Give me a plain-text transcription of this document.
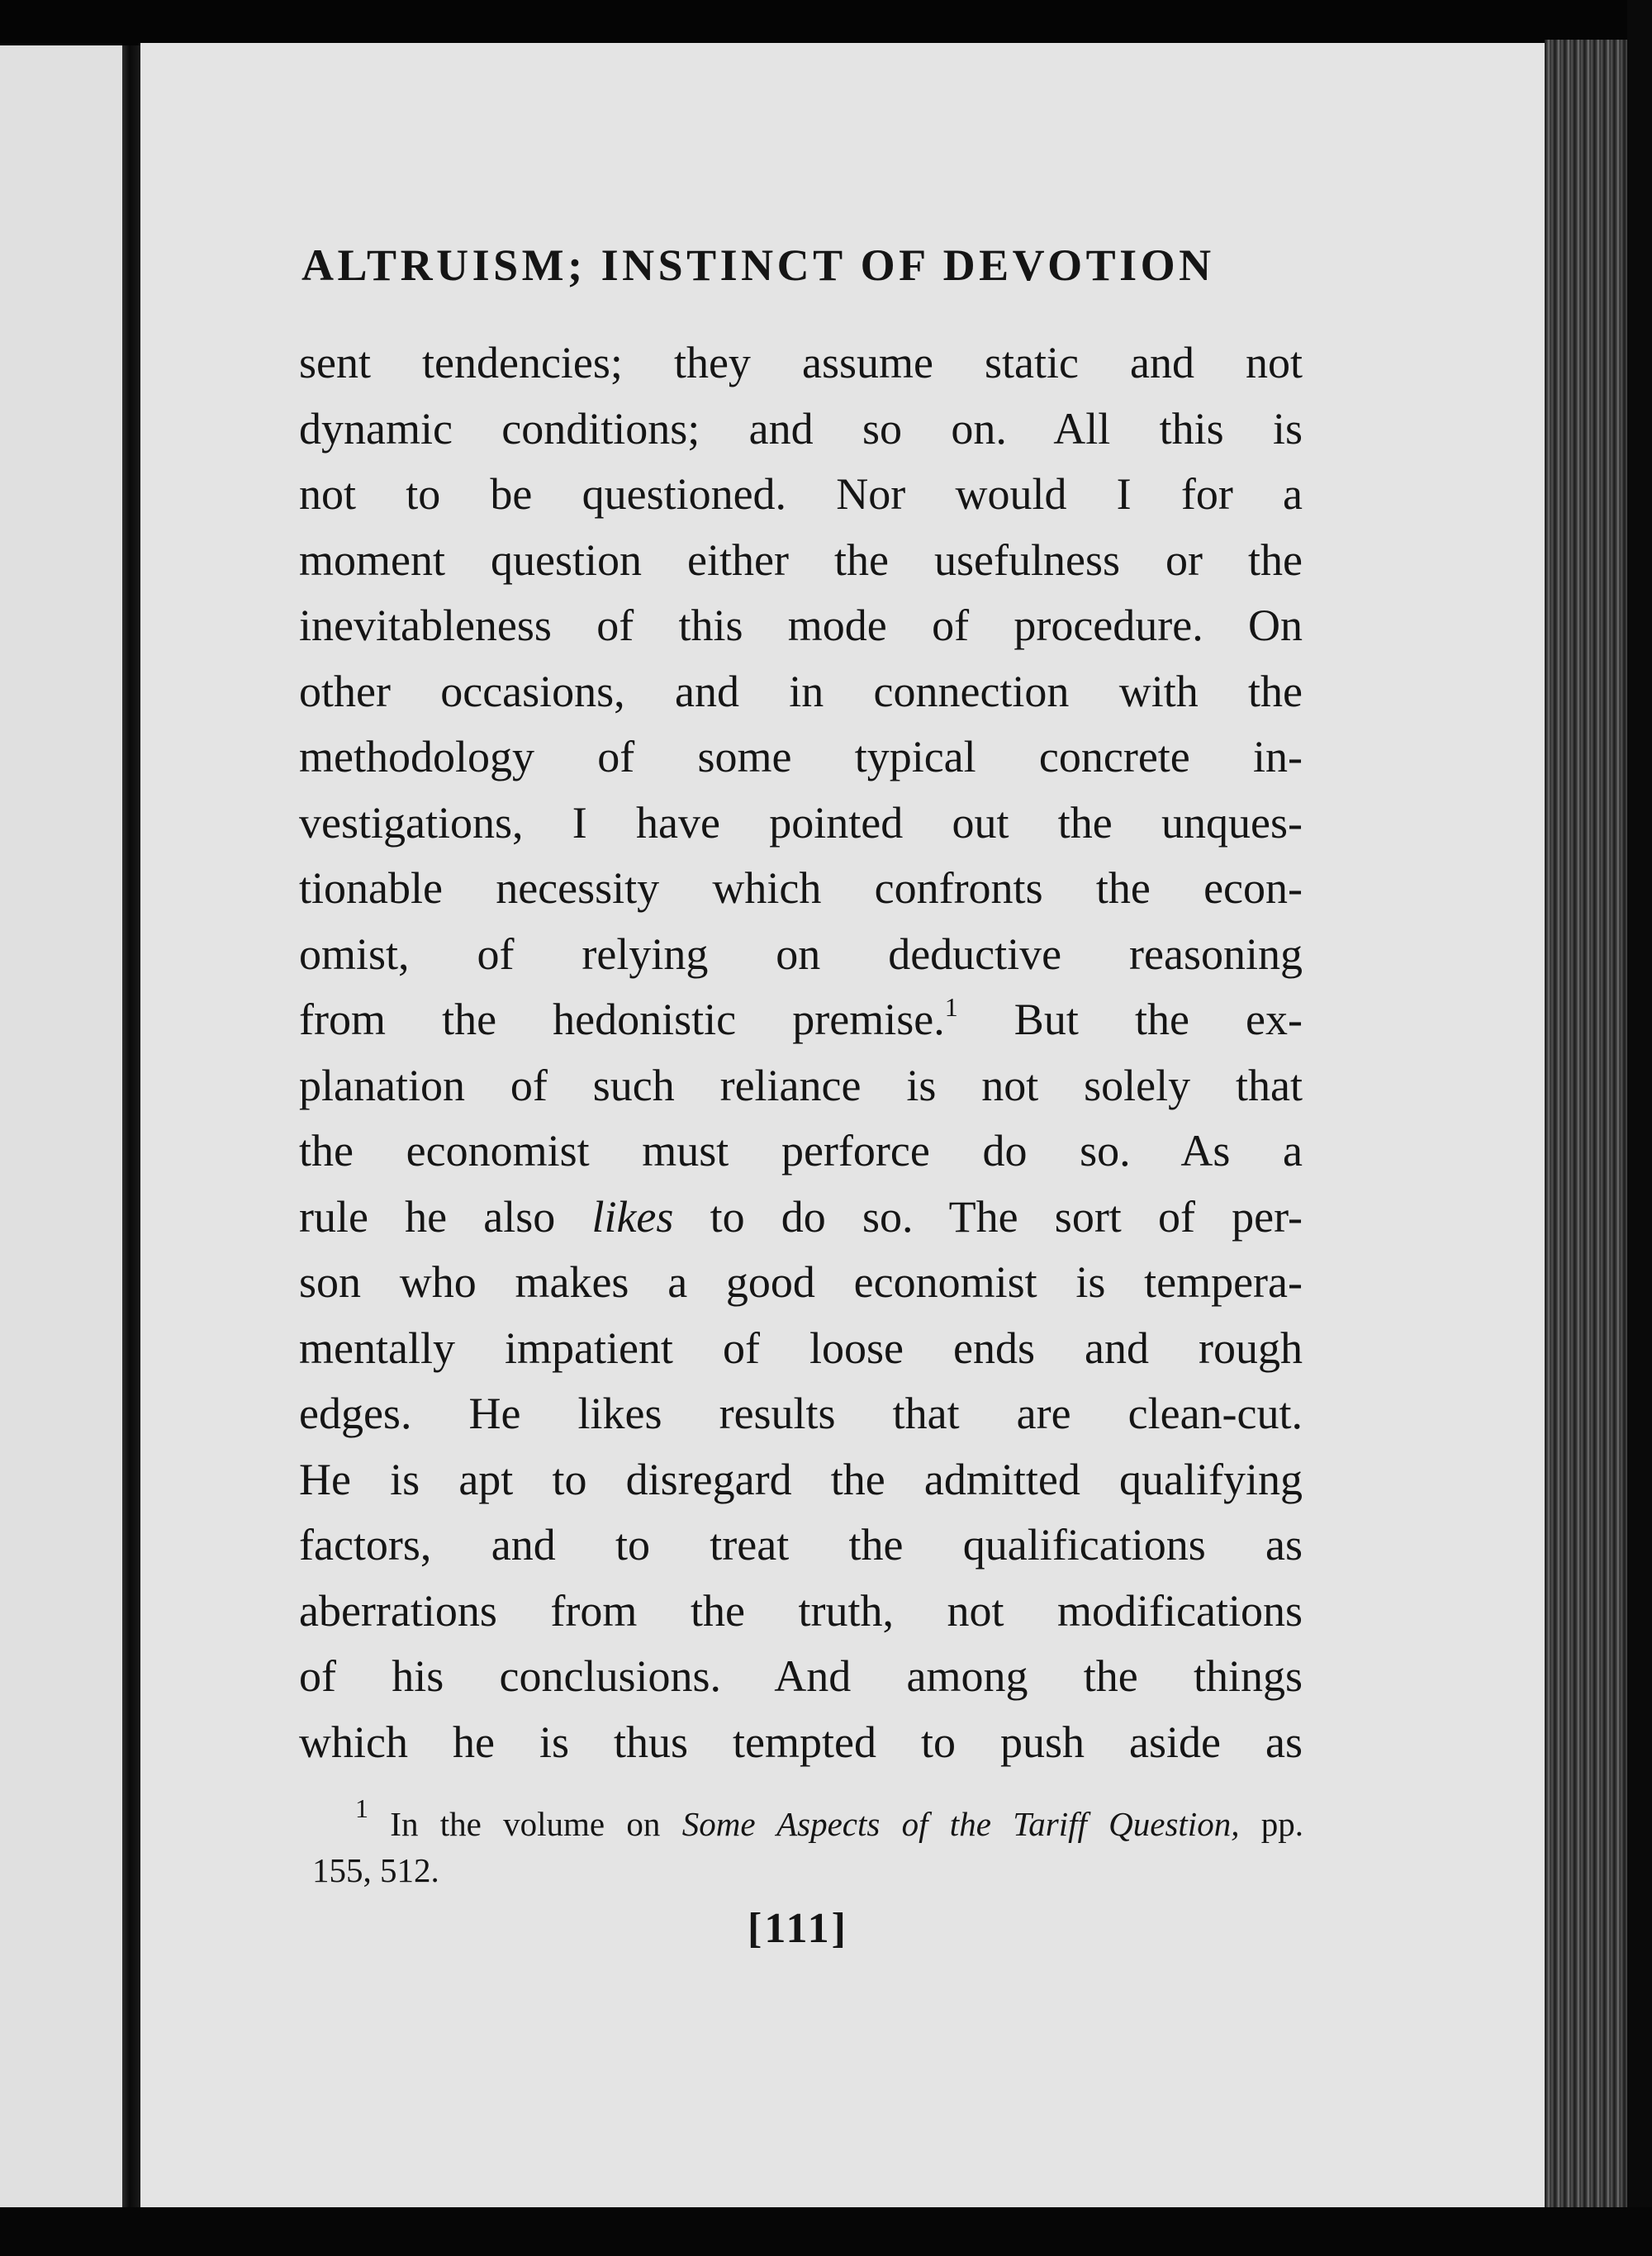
ALTRUISM; INSTINCT OF DEVOTION
sent tendencies; they assume static and not
dynamic conditions; and so on. All this is
not to be questioned. Nor would I for a
moment question either the usefulness or the
inevitableness of this mode of procedure. On
other occasions, and in connection with the
methodology of some typical concrete in-
vestigations, I have pointed out the unques-
tionable necessity which confronts the econ-
omist, of relying on deductive reasoning
from the hedonistic premise.$^1$ But the ex-
planation of such reliance is not solely that
the economist must perforce do so. As a
rule he also likes to do so. The sort of per-
son who makes a good economist is tempera-
mentally impatient of loose ends and rough
edges. He likes results that are clean-cut.
He is apt to disregard the admitted qualifying
factors, and to treat the qualifications as
aberrations from the truth, not modifications
of his conclusions. And among the things
which he is thus tempted to push aside as
$^1$ In the volume on Some Aspects of the Tariff Question, pp.
155, 512.
[111]
